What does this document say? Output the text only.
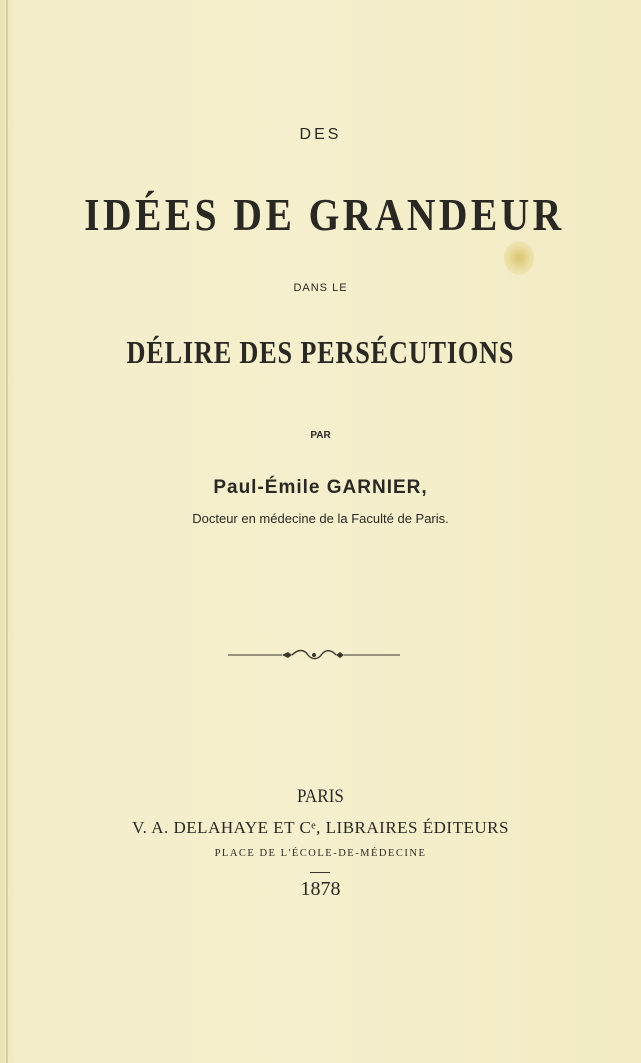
DES
IDÉES DE GRANDEUR
DANS LE
DÉLIRE DES PERSÉCUTIONS
PAR
Paul-Émile GARNIER,
Docteur en médecine de la Faculté de Paris.
PARIS
V. A. DELAHAYE ET Cᵉ, LIBRAIRES ÉDITEURS
PLACE DE L'ÉCOLE-DE-MÉDECINE
1878
